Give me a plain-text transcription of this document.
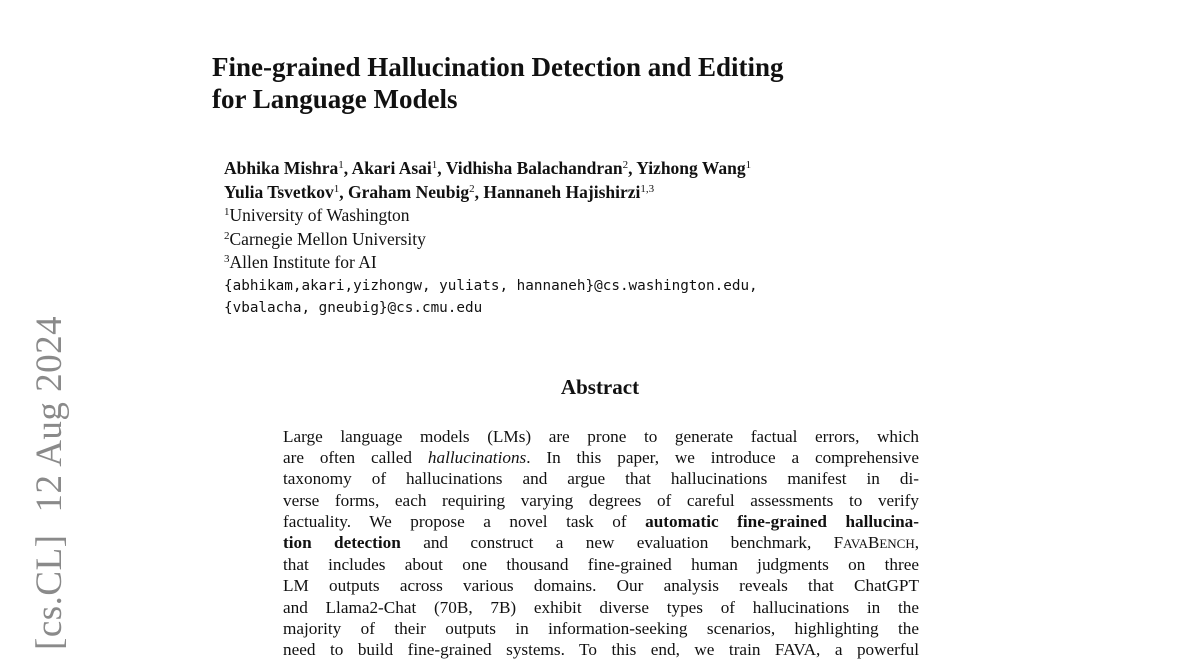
[cs.CL]12 Aug 2024
Fine-grained Hallucination Detection and Editing
for Language Models
Abhika Mishra$^1$, Akari Asai$^1$, Vidhisha Balachandran$^2$, Yizhong Wang$^1$
Yulia Tsvetkov$^1$, Graham Neubig$^2$, Hannaneh Hajishirzi$^{1,3}$
$^1$University of Washington
$^2$Carnegie Mellon University
$^3$Allen Institute for AI
{abhikam,akari,yizhongw, yuliats, hannaneh}@cs.washington.edu,
{vbalacha, gneubig}@cs.cmu.edu
Abstract
Large language models (LMs) are prone to generate factual errors, which
are often called hallucinations. In this paper, we introduce a comprehensive
taxonomy of hallucinations and argue that hallucinations manifest in di-
verse forms, each requiring varying degrees of careful assessments to verify
factuality. We propose a novel task of automatic fine-grained hallucina-
tion detection and construct a new evaluation benchmark, FAVABENCH,
that includes about one thousand fine-grained human judgments on three
LM outputs across various domains. Our analysis reveals that ChatGPT
and Llama2-Chat (70B, 7B) exhibit diverse types of hallucinations in the
majority of their outputs in information-seeking scenarios, highlighting the
need to build fine-grained systems. To this end, we train FAVA, a powerful
